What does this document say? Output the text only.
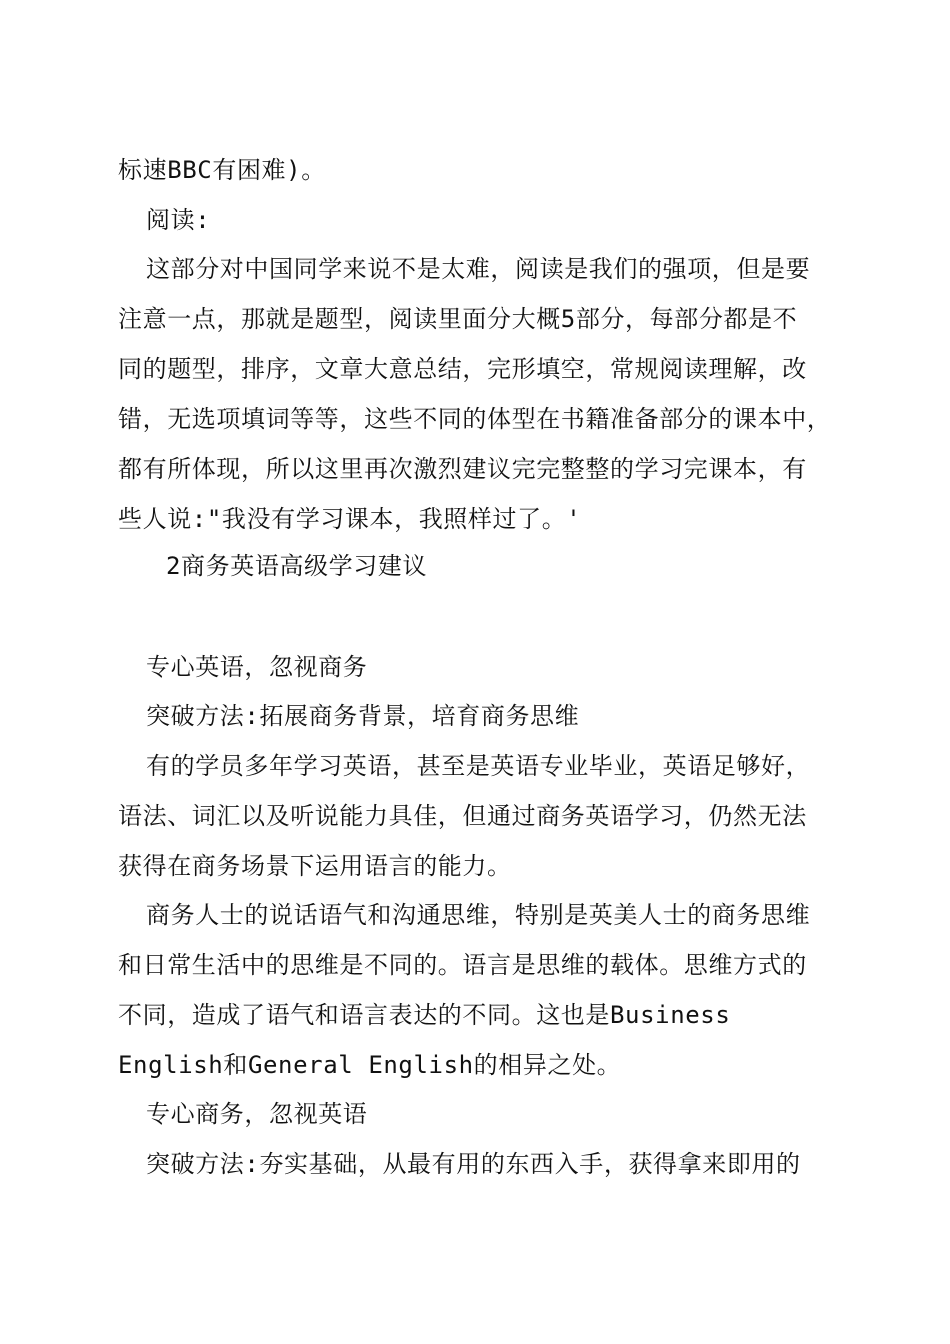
标速BBC有困难)。
阅读:
这部分对中国同学来说不是太难，阅读是我们的强项，但是要
注意一点，那就是题型，阅读里面分大概5部分，每部分都是不
同的题型，排序，文章大意总结，完形填空，常规阅读理解，改
错，无选项填词等等，这些不同的体型在书籍准备部分的课本中，
都有所体现，所以这里再次激烈建议完完整整的学习完课本，有
些人说:"我没有学习课本，我照样过了。'
2商务英语高级学习建议
专心英语，忽视商务
突破方法:拓展商务背景，培育商务思维
有的学员多年学习英语，甚至是英语专业毕业，英语足够好，
语法、词汇以及听说能力具佳，但通过商务英语学习，仍然无法
获得在商务场景下运用语言的能力。
商务人士的说话语气和沟通思维，特别是英美人士的商务思维
和日常生活中的思维是不同的。语言是思维的载体。思维方式的
不同，造成了语气和语言表达的不同。这也是Business
English和General English的相异之处。
专心商务，忽视英语
突破方法:夯实基础，从最有用的东西入手，获得拿来即用的
